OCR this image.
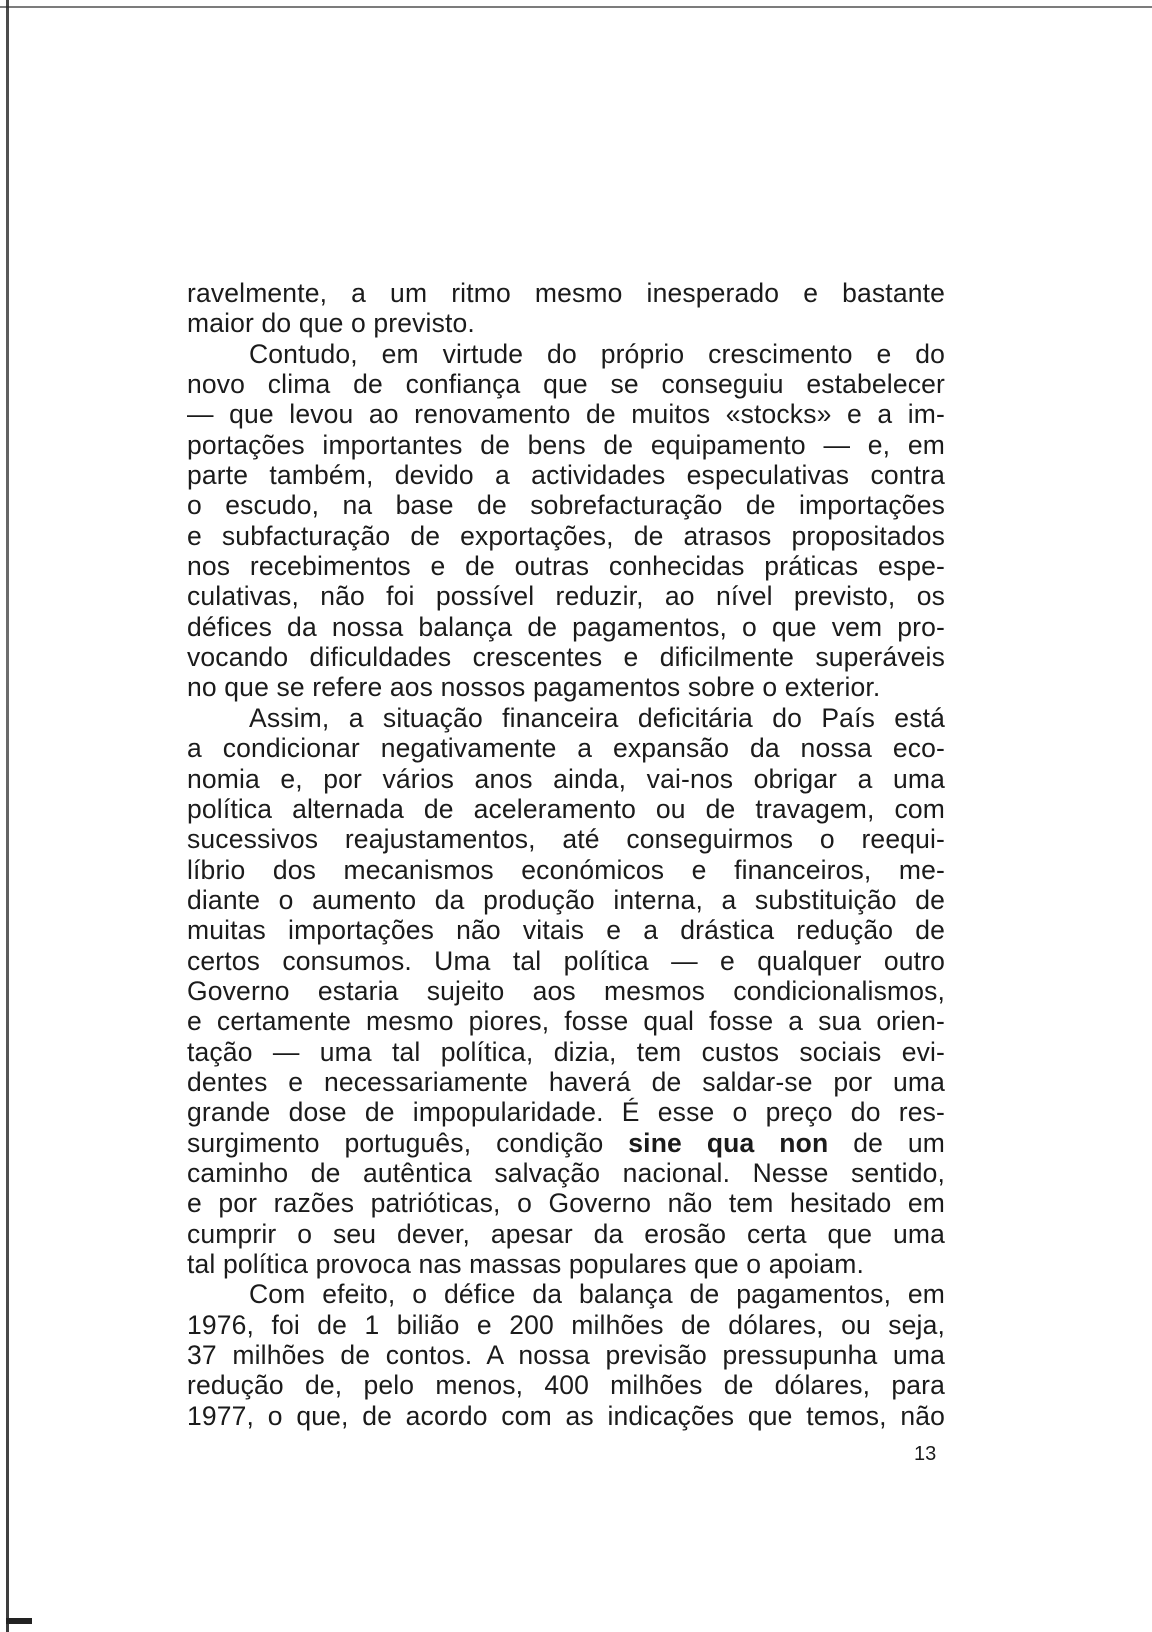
ravelmente, a um ritmo mesmo inesperado e bastante
maior do que o previsto.
Contudo, em virtude do próprio crescimento e do
novo clima de confiança que se conseguiu estabelecer
— que levou ao renovamento de muitos «stocks» e a im-
portações importantes de bens de equipamento — e, em
parte também, devido a actividades especulativas contra
o escudo, na base de sobrefacturação de importações
e subfacturação de exportações, de atrasos propositados
nos recebimentos e de outras conhecidas práticas espe-
culativas, não foi possível reduzir, ao nível previsto, os
défices da nossa balança de pagamentos, o que vem pro-
vocando dificuldades crescentes e dificilmente superáveis
no que se refere aos nossos pagamentos sobre o exterior.
Assim, a situação financeira deficitária do País está
a condicionar negativamente a expansão da nossa eco-
nomia e, por vários anos ainda, vai-nos obrigar a uma
política alternada de aceleramento ou de travagem, com
sucessivos reajustamentos, até conseguirmos o reequi-
líbrio dos mecanismos económicos e financeiros, me-
diante o aumento da produção interna, a substituição de
muitas importações não vitais e a drástica redução de
certos consumos. Uma tal política — e qualquer outro
Governo estaria sujeito aos mesmos condicionalismos,
e certamente mesmo piores, fosse qual fosse a sua orien-
tação — uma tal política, dizia, tem custos sociais evi-
dentes e necessariamente haverá de saldar-se por uma
grande dose de impopularidade. É esse o preço do res-
surgimento português, condição sine qua non de um
caminho de autêntica salvação nacional. Nesse sentido,
e por razões patrióticas, o Governo não tem hesitado em
cumprir o seu dever, apesar da erosão certa que uma
tal política provoca nas massas populares que o apoiam.
Com efeito, o défice da balança de pagamentos, em
1976, foi de 1 bilião e 200 milhões de dólares, ou seja,
37 milhões de contos. A nossa previsão pressupunha uma
redução de, pelo menos, 400 milhões de dólares, para
1977, o que, de acordo com as indicações que temos, não
13
